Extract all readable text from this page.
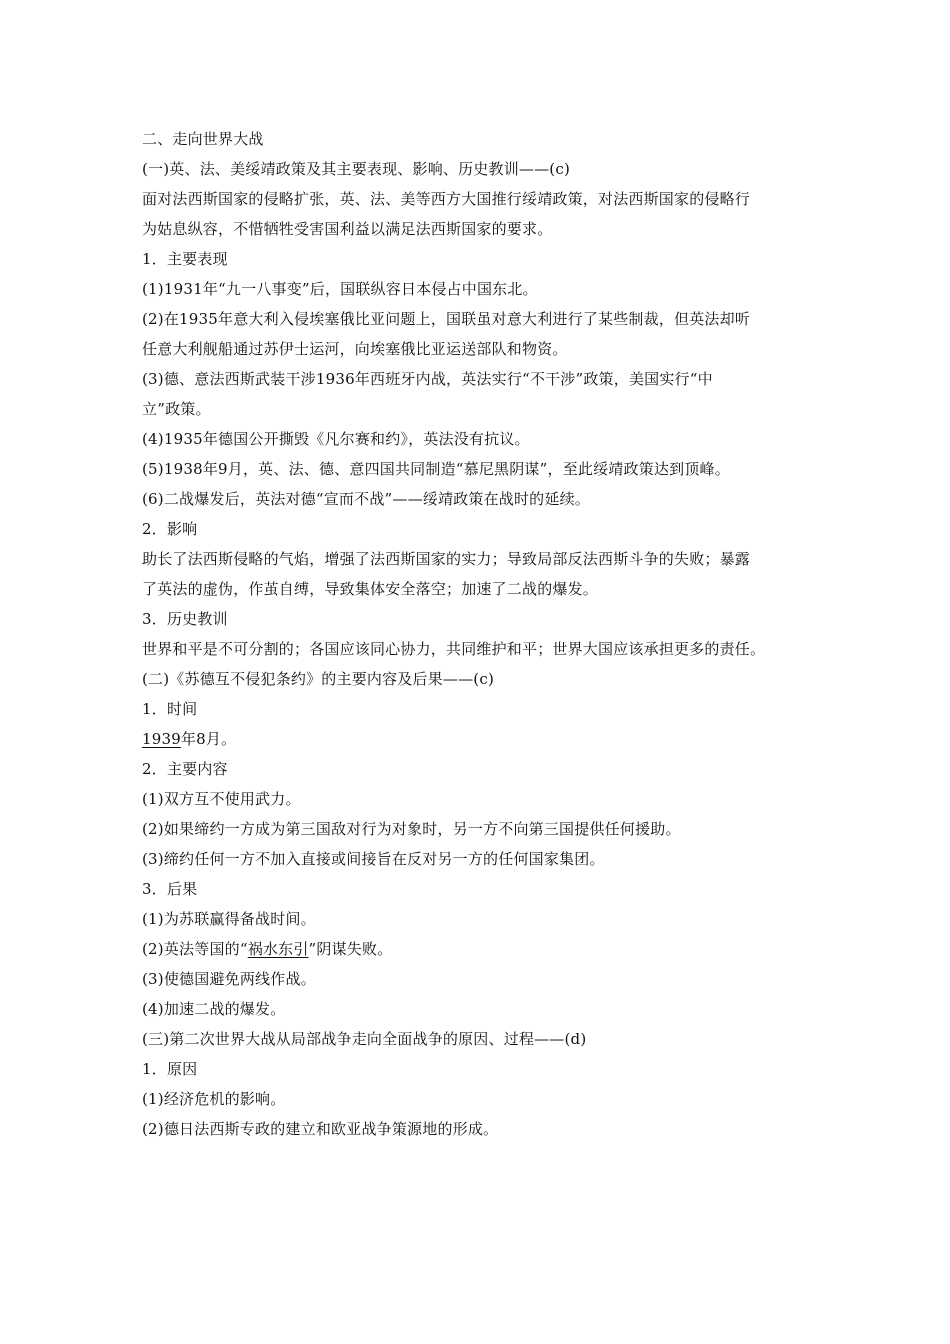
二、走向世界大战
(一)英、法、美绥靖政策及其主要表现、影响、历史教训——(c)
面对法西斯国家的侵略扩张，英、法、美等西方大国推行绥靖政策，对法西斯国家的侵略行
为姑息纵容，不惜牺牲受害国利益以满足法西斯国家的要求。
1．主要表现
(1)1931年“九一八事变”后，国联纵容日本侵占中国东北。
(2)在1935年意大利入侵埃塞俄比亚问题上，国联虽对意大利进行了某些制裁，但英法却听
任意大利舰船通过苏伊士运河，向埃塞俄比亚运送部队和物资。
(3)德、意法西斯武装干涉1936年西班牙内战，英法实行“不干涉”政策，美国实行“中
立”政策。
(4)1935年德国公开撕毁《凡尔赛和约》，英法没有抗议。
(5)1938年9月，英、法、德、意四国共同制造“慕尼黑阴谋”，至此绥靖政策达到顶峰。
(6)二战爆发后，英法对德“宣而不战”——绥靖政策在战时的延续。
2．影响
助长了法西斯侵略的气焰，增强了法西斯国家的实力；导致局部反法西斯斗争的失败；暴露
了英法的虚伪，作茧自缚，导致集体安全落空；加速了二战的爆发。
3．历史教训
世界和平是不可分割的；各国应该同心协力，共同维护和平；世界大国应该承担更多的责任。
(二)《苏德互不侵犯条约》的主要内容及后果——(c)
1．时间
1939年8月。
2．主要内容
(1)双方互不使用武力。
(2)如果缔约一方成为第三国敌对行为对象时，另一方不向第三国提供任何援助。
(3)缔约任何一方不加入直接或间接旨在反对另一方的任何国家集团。
3．后果
(1)为苏联赢得备战时间。
(2)英法等国的“祸水东引”阴谋失败。
(3)使德国避免两线作战。
(4)加速二战的爆发。
(三)第二次世界大战从局部战争走向全面战争的原因、过程——(d)
1．原因
(1)经济危机的影响。
(2)德日法西斯专政的建立和欧亚战争策源地的形成。
